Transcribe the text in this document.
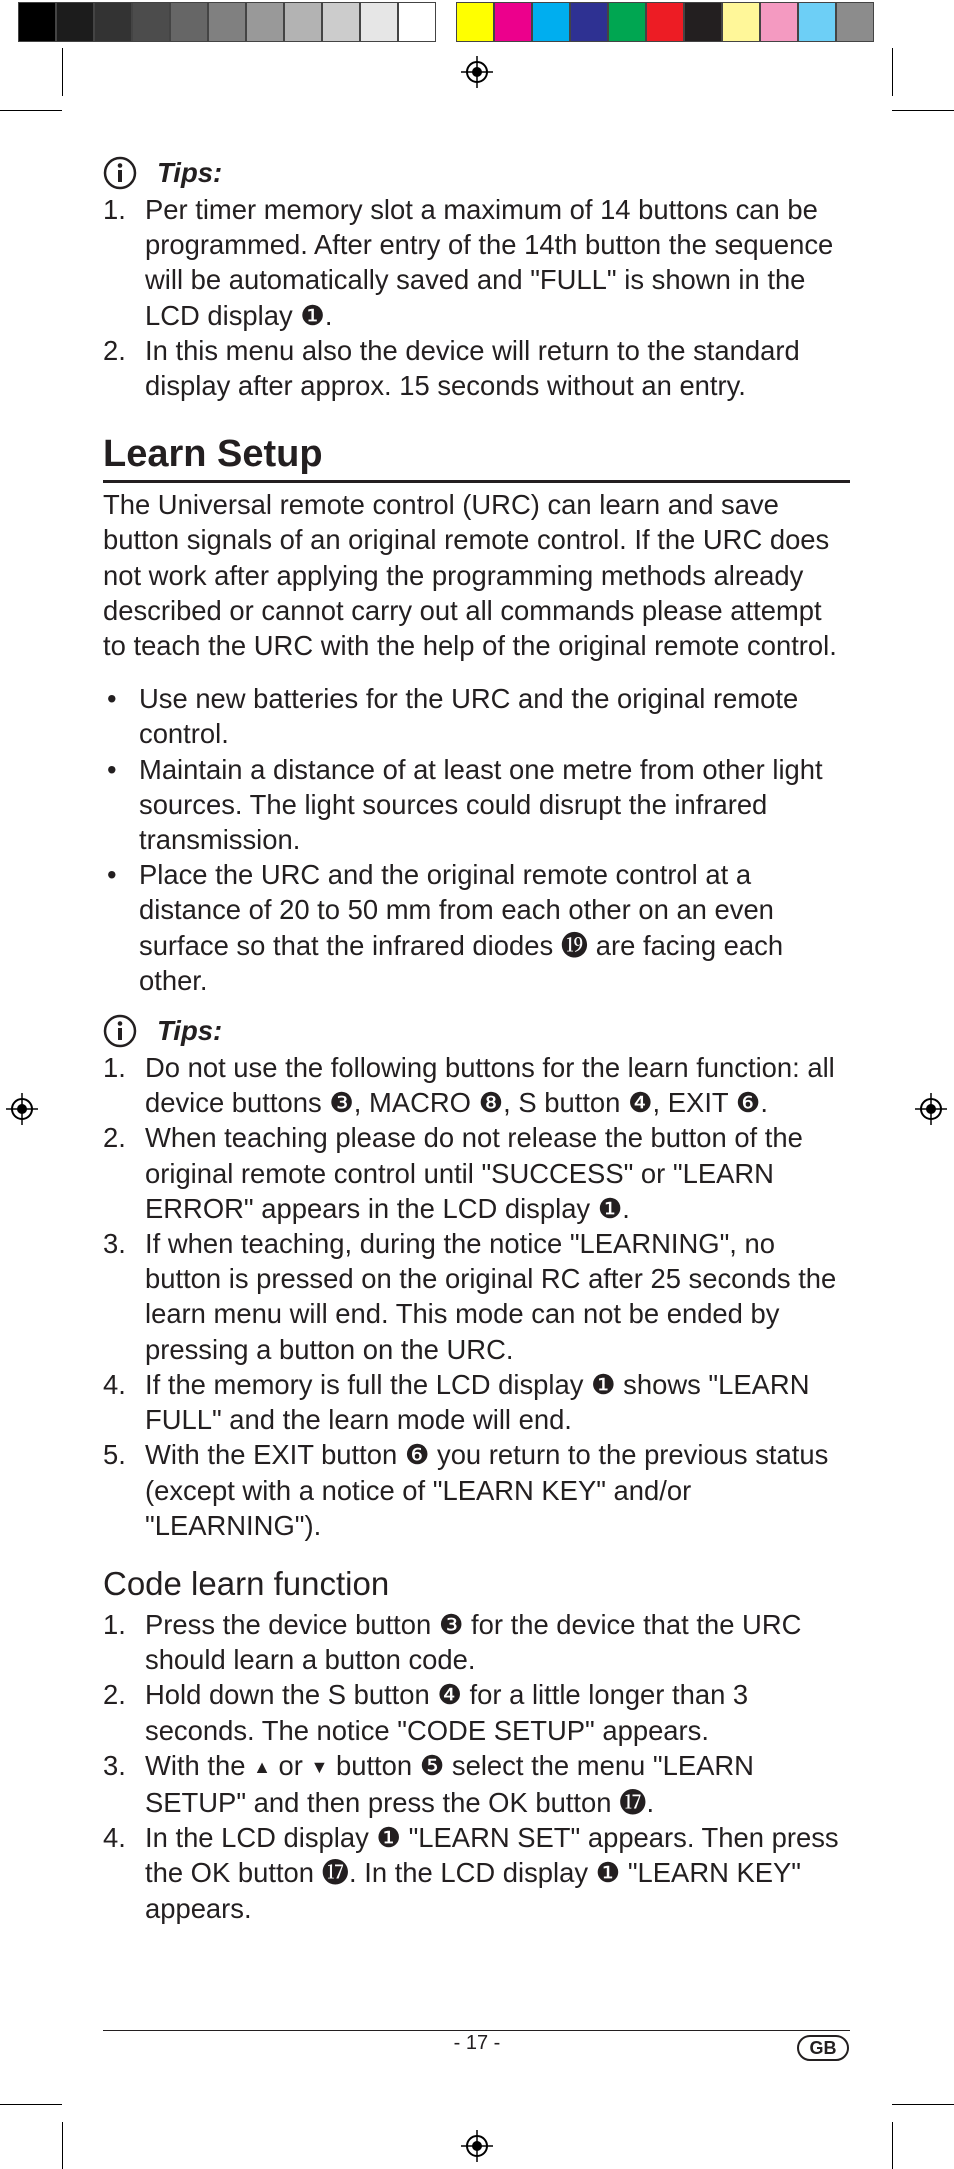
Tips:
1. Per timer memory slot a maximum of 14 buttons can be programmed. After entry of the 14th button the sequence will be automatically saved and "FULL" is shown in the LCD display ❶.
2. In this menu also the device will return to the standard display after approx. 15 seconds without an entry.
Learn Setup

The Universal remote control (URC) can learn and save button signals of an original remote control. If the URC does not work after applying the programming methods already described or cannot carry out all commands please attempt to teach the URC with the help of the original remote control.

• Use new batteries for the URC and the original remote control.
• Maintain a distance of at least one metre from other light sources. The light sources could disrupt the infrared transmission.
• Place the URC and the original remote control at a distance of 20 to 50 mm from each other on an even surface so that the infrared diodes ⓳ are facing each other.
Tips:
1. Do not use the following buttons for the learn function: all device buttons ❸, MACRO ❽, S button ❹, EXIT ❻.
2. When teaching please do not release the button of the original remote control until "SUCCESS" or "LEARN ERROR" appears in the LCD display ❶.
3. If when teaching, during the notice "LEARNING", no button is pressed on the original RC after 25 seconds the learn menu will end. This mode can not be ended by pressing a button on the URC.
4. If the memory is full the LCD display ❶ shows "LEARN FULL" and the learn mode will end.
5. With the EXIT button ❻ you return to the previous status (except with a notice of "LEARN KEY" and/or "LEARNING").
Code learn function
1. Press the device button ❸ for the device that the URC should learn a button code.
2. Hold down the S button ❹ for a little longer than 3 seconds. The notice "CODE SETUP" appears.
3. With the ▲ or ▼ button ❺ select the menu "LEARN SETUP" and then press the OK button ⓱.
4. In the LCD display ❶ "LEARN SET" appears. Then press the OK button ⓱. In the LCD display ❶ "LEARN KEY" appears.
- 17 -	GB
